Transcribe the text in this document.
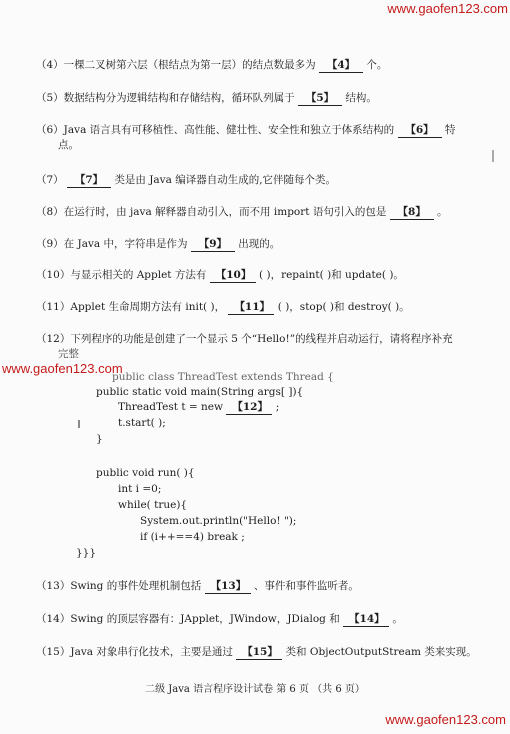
www.gaofen123.com
www.gaofen123.com
www.gaofen123.com
（4）一棵二叉树第六层（根结点为第一层）的结点数最多为 【4】 个。
（5）数据结构分为逻辑结构和存储结构，循环队列属于 【5】 结构。
（6）Java 语言具有可移植性、高性能、健壮性、安全性和独立于体系结构的 【6】 特
点。
（7） 【7】 类是由 Java 编译器自动生成的,它伴随每个类。
（8）在运行时，由 java 解释器自动引入，而不用 import 语句引入的包是 【8】 。
（9）在 Java 中，字符串是作为 【9】 出现的。
（10）与显示相关的 Applet 方法有 【10】 ( )，repaint( )和 update( )。
（11）Applet 生命周期方法有 init( )， 【11】 ( )，stop( )和 destroy( )。
（12）下列程序的功能是创建了一个显示 5 个“Hello!”的线程并启动运行，请将程序补充
完整
public class ThreadTest extends Thread {
public static void main(String args[ ]){
ThreadTest t = new 【12】 ;
t.start( );
}
public void run( ){
int i =0;
while( true){
System.out.println("Hello! ");
if (i++==4) break ;
}}}
（13）Swing 的事件处理机制包括 【13】 、事件和事件监听者。
（14）Swing 的顶层容器有：JApplet，JWindow，JDialog 和 【14】 。
（15）Java 对象串行化技术，主要是通过 【15】 类和 ObjectOutputStream 类来实现。
二级 Java 语言程序设计试卷 第 6 页 （共 6 页）
